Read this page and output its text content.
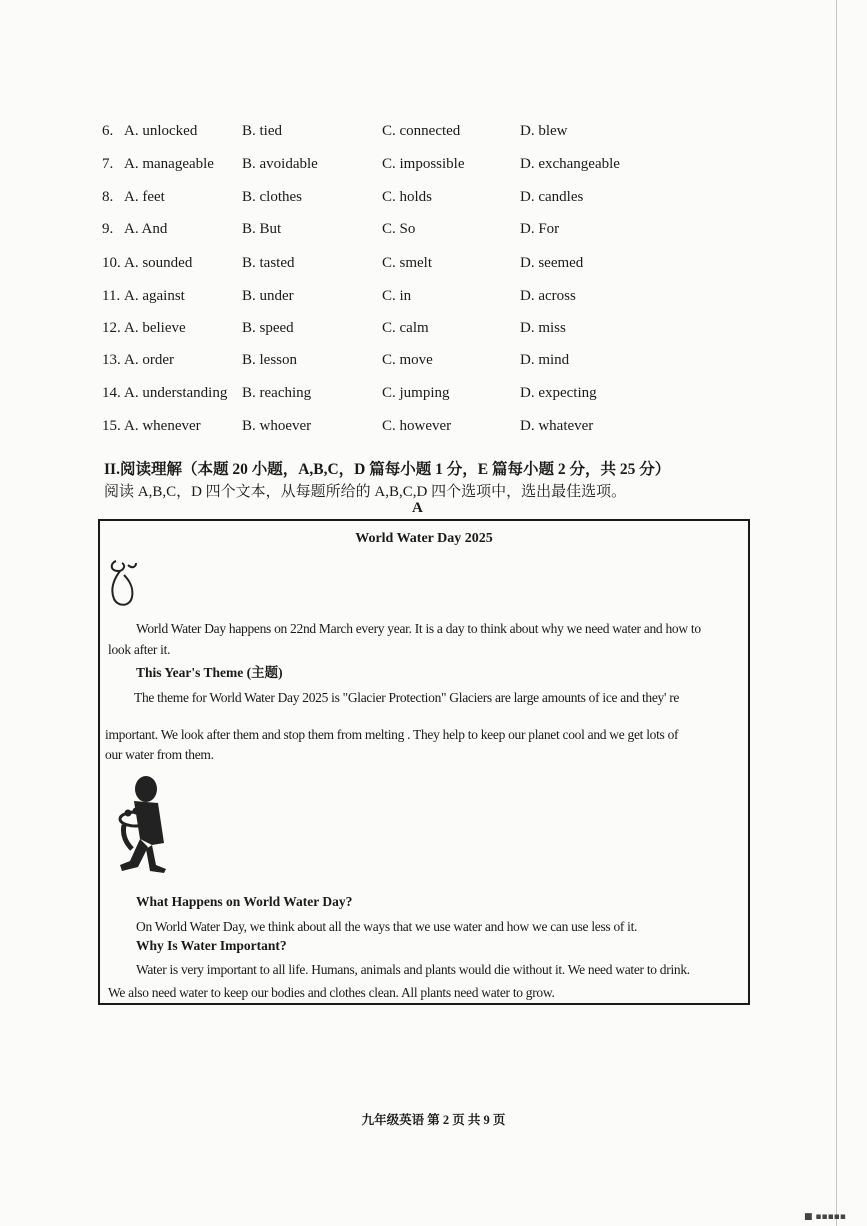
6. A. unlocked	B. tied	C. connected	D. blew
7. A. manageable B. avoidable	C. impossible	D. exchangeable
8. A. feet	B. clothes	C. holds	D. candles
9. A. And	B. But	C. So	D. For
10. A. sounded	B. tasted	C. smelt	D. seemed
11. A. against	B. under	C. in	D. across
12. A. believe	B. speed	C. calm	D. miss
13. A. order	B. lesson	C. move	D. mind
14. A. understanding B. reaching	C. jumping	D. expecting
15. A. whenever	B. whoever	C. however	D. whatever
II.阅读理解（本题 20 小题，A,B,C，D 篇每小题 1 分，E 篇每小题 2 分，共 25 分）
阅读 A,B,C，D 四个文本，从每题所给的 A,B,C,D 四个选项中，选出最佳选项。
A
World Water Day 2025
World Water Day happens on 22nd March every year. It is a day to think about why we need water and how to
look after it.
This Year's Theme (主题)
The theme for World Water Day 2025 is "Glacier Protection" Glaciers are large amounts of ice and they' re
important. We look after them and stop them from melting . They help to keep our planet cool and we get lots of
our water from them.
What Happens on World Water Day?
On World Water Day, we think about all the ways that we use water and how we can use less of it.
Why Is Water Important?
Water is very important to all life. Humans, animals and plants would die without it. We need water to drink.
We also need water to keep our bodies and clothes clean. All plants need water to grow.
九年级英语 第 2 页 共 9 页
■ ▪▪▪▪▪
